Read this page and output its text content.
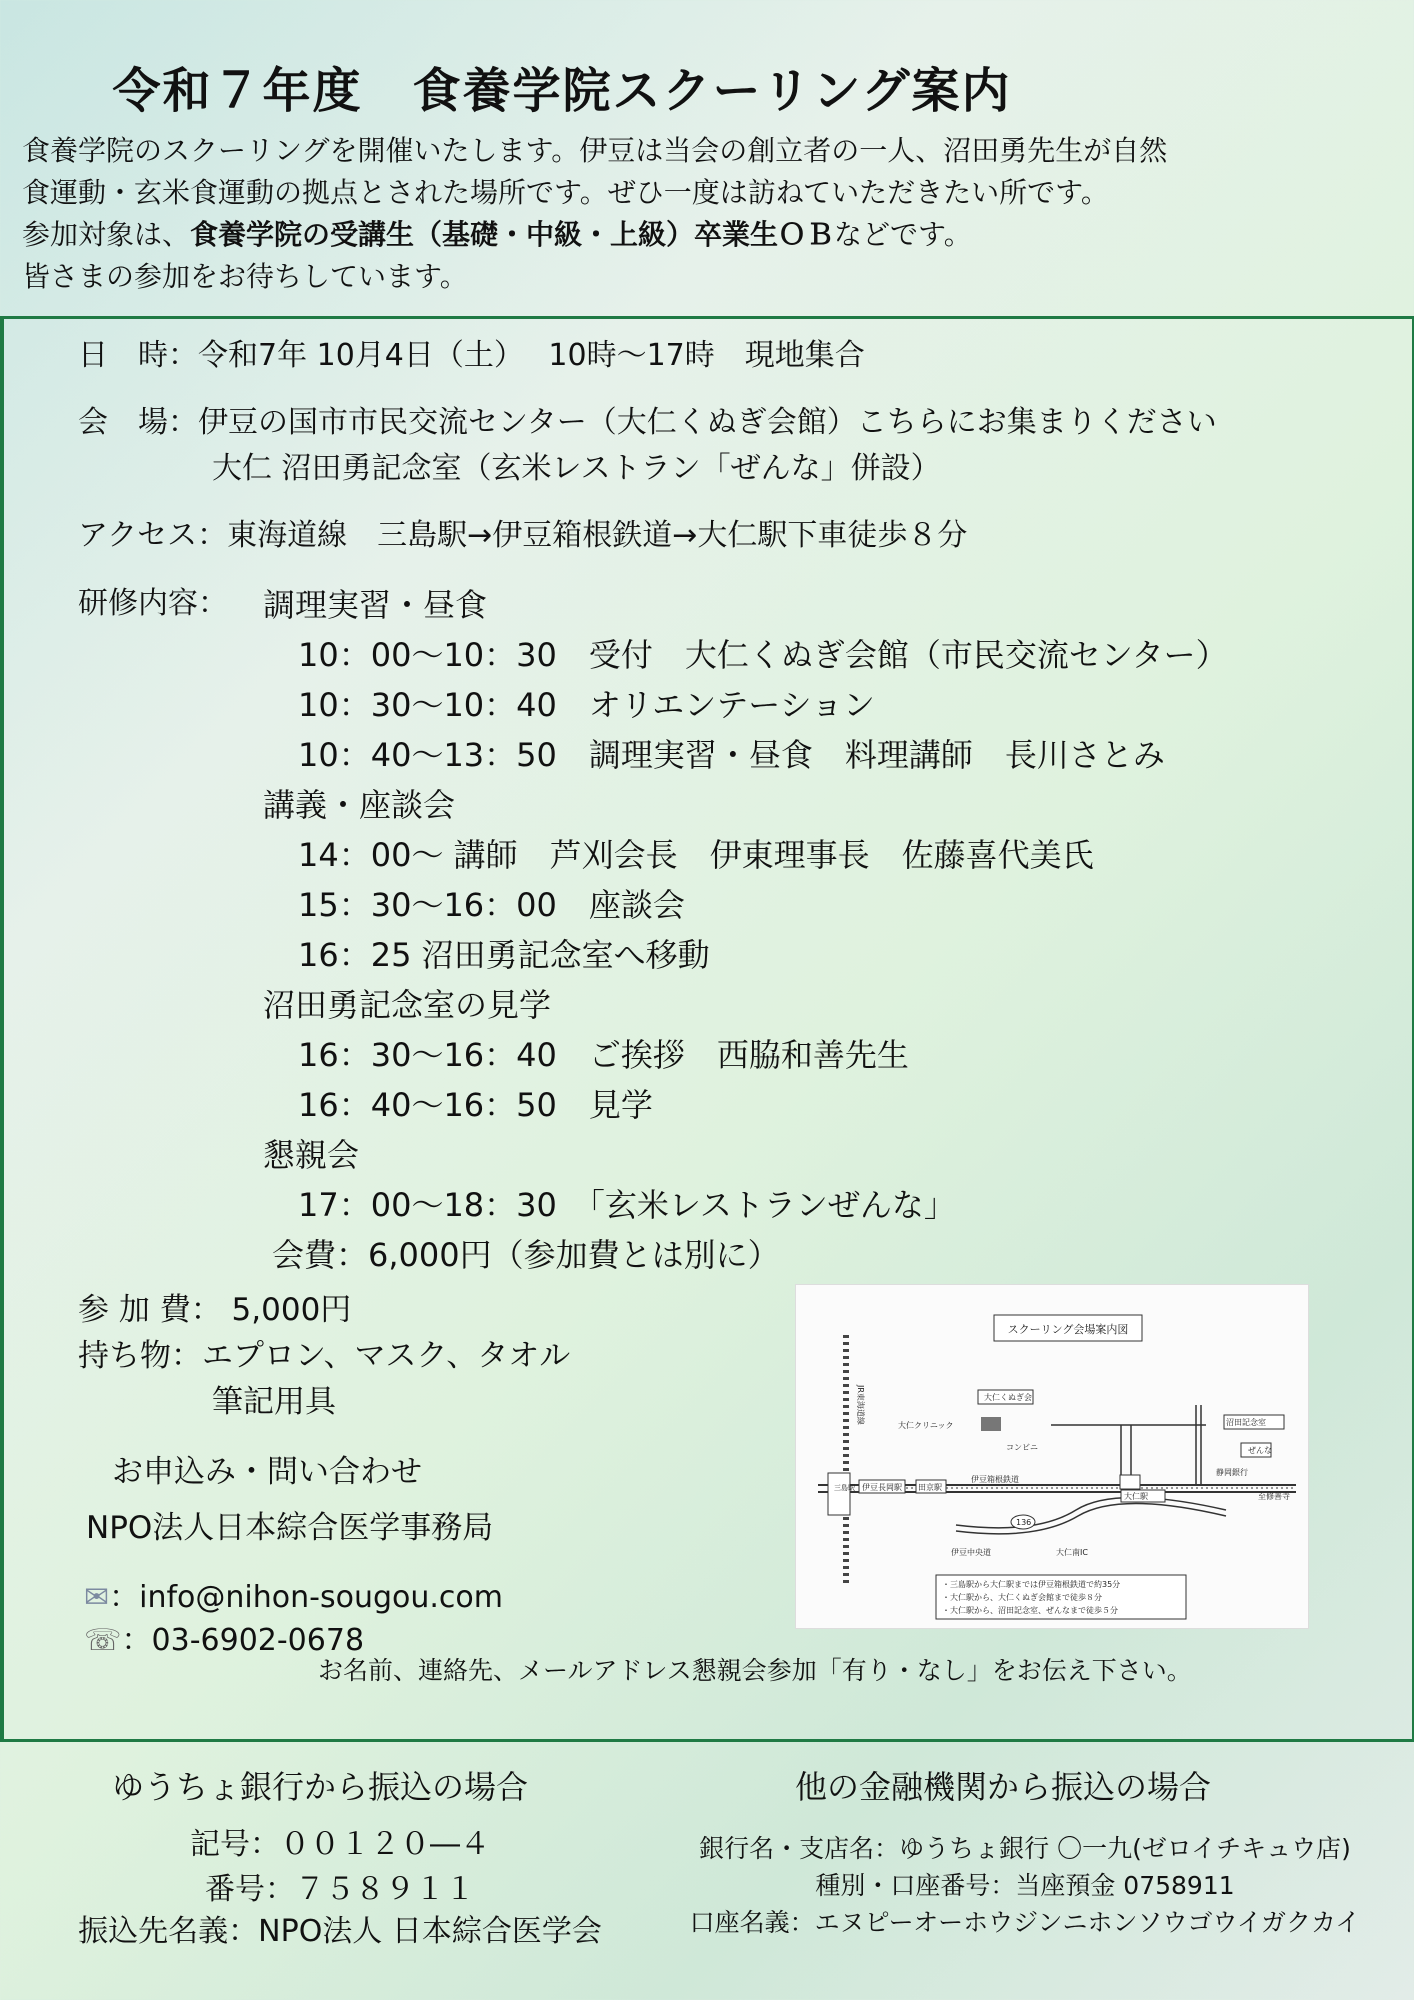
令和７年度　食養学院スクーリング案内
食養学院のスクーリングを開催いたします。伊豆は当会の創立者の一人、沼田勇先生が自然
食運動・玄米食運動の拠点とされた場所です。ぜひ一度は訪ねていただきたい所です。
参加対象は、食養学院の受講生（基礎・中級・上級）卒業生ＯＢなどです。
皆さまの参加をお待ちしています。
日　時：令和7年 10月4日（土）　 10時～17時　現地集合
会　場：伊豆の国市市民交流センター（大仁くぬぎ会館）こちらにお集まりください
大仁 沼田勇記念室（玄米レストラン「ぜんな」併設）
アクセス：東海道線　三島駅→伊豆箱根鉄道→大仁駅下車徒歩８分
研修内容： 調理実習・昼食
10：00～10：30　受付　大仁くぬぎ会館（市民交流センター）
10：30～10：40　オリエンテーション
10：40～13：50　調理実習・昼食　料理講師　長川さとみ
講義・座談会
14：00～ 講師　芦刈会長　伊東理事長　佐藤喜代美氏
15：30～16：00　座談会
16：25 沼田勇記念室へ移動
沼田勇記念室の見学
16：30～16：40　ご挨拶　西脇和善先生
16：40～16：50　見学
懇親会
17：00～18：30　「玄米レストランぜんな」
会費：6,000円（参加費とは別に）
参 加 費： 5,000円
持ち物：エプロン、マスク、タオル
筆記用具
お申込み・問い合わせ
NPO法人日本綜合医学事務局
✉：info@nihon-sougou.com
☏：03-6902-0678
お名前、連絡先、メールアドレス懇親会参加「有り・なし」をお伝え下さい。
スクーリング会場案内図
大仁くぬぎ会
大仁クリニック
コンビニ
伊豆箱根鉄道
大仁駅
伊豆長岡駅 田京駅
沼田記念室
ぜんな
静岡銀行
三島駅
伊豆中央道	大仁南IC
至修善寺
JR東海道線
136
・三島駅から大仁駅までは伊豆箱根鉄道で約35分
・大仁駅から、大仁くぬぎ会館まで徒歩８分
・大仁駅から、沼田記念室、ぜんなまで徒歩５分
ゆうちょ銀行から振込の場合
記号：００１２０―４
番号：７５８９１１
振込先名義：NPO法人 日本綜合医学会
他の金融機関から振込の場合
銀行名・支店名：ゆうちょ銀行 〇一九(ゼロイチキュウ店)
種別・口座番号：当座預金 0758911
口座名義：エヌピーオーホウジンニホンソウゴウイガクカイ
